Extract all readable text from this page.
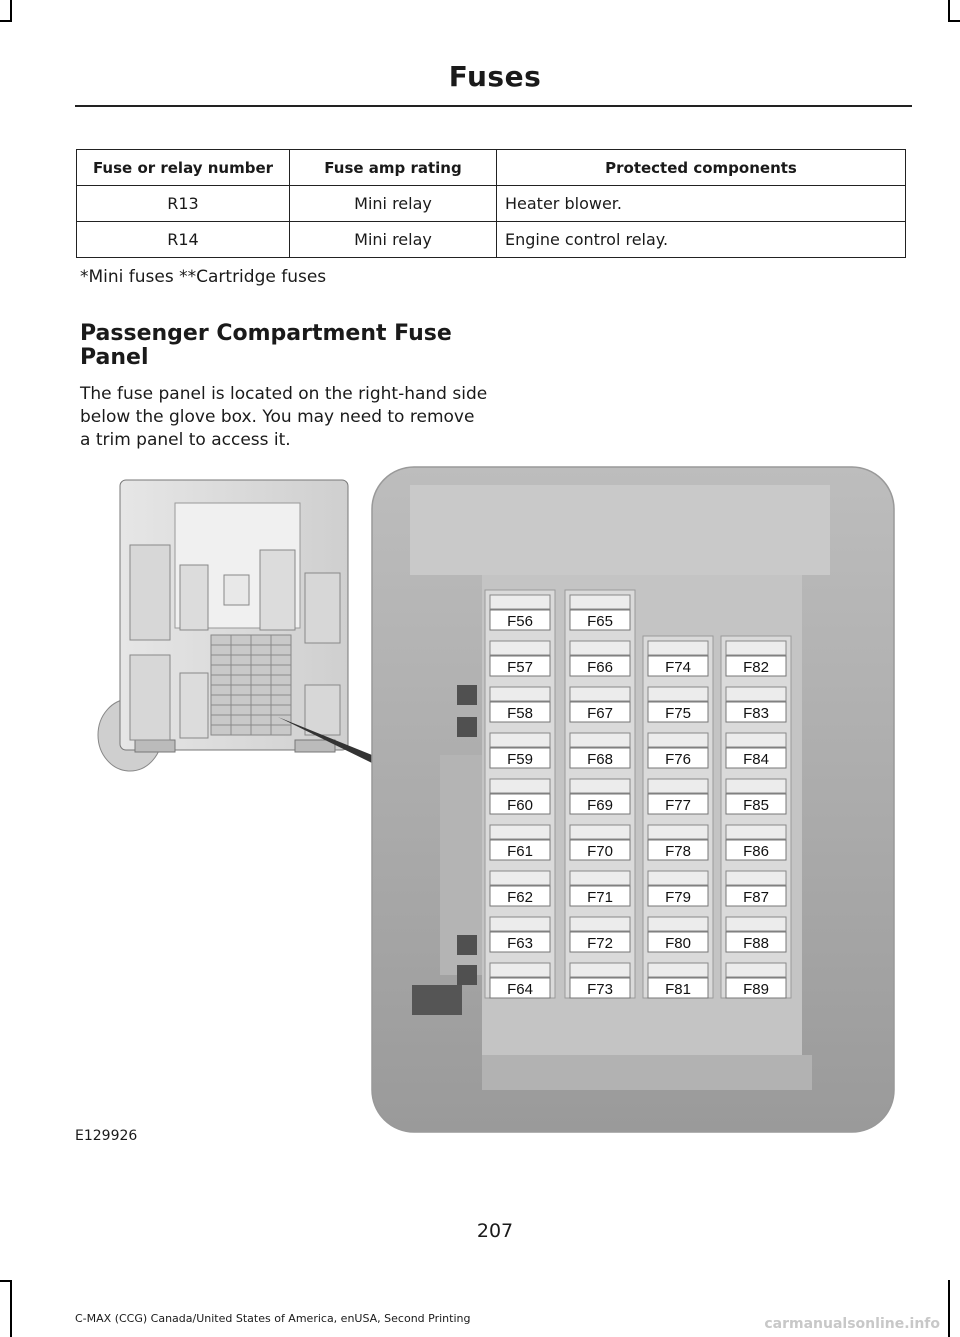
Fuses
Fuse or relay number	Fuse amp rating	Protected components
R13	Mini relay	Heater blower.
R14	Mini relay	Engine control relay.
*Mini fuses **Cartridge fuses
Passenger Compartment Fuse Panel
The fuse panel is located on the right-hand side below the glove box. You may need to remove a trim panel to access it.
F56
F57
F58
F59
F60
F61
F62
F63
F64
F65
F66
F67
F68
F69
F70
F71
F72
F73
F74
F75
F76
F77
F78
F79
F80
F81
F82
F83
F84
F85
F86
F87
F88
F89
E129926
207
C-MAX (CCG) Canada/United States of America, enUSA, Second Printing	carmanualsonline.info
